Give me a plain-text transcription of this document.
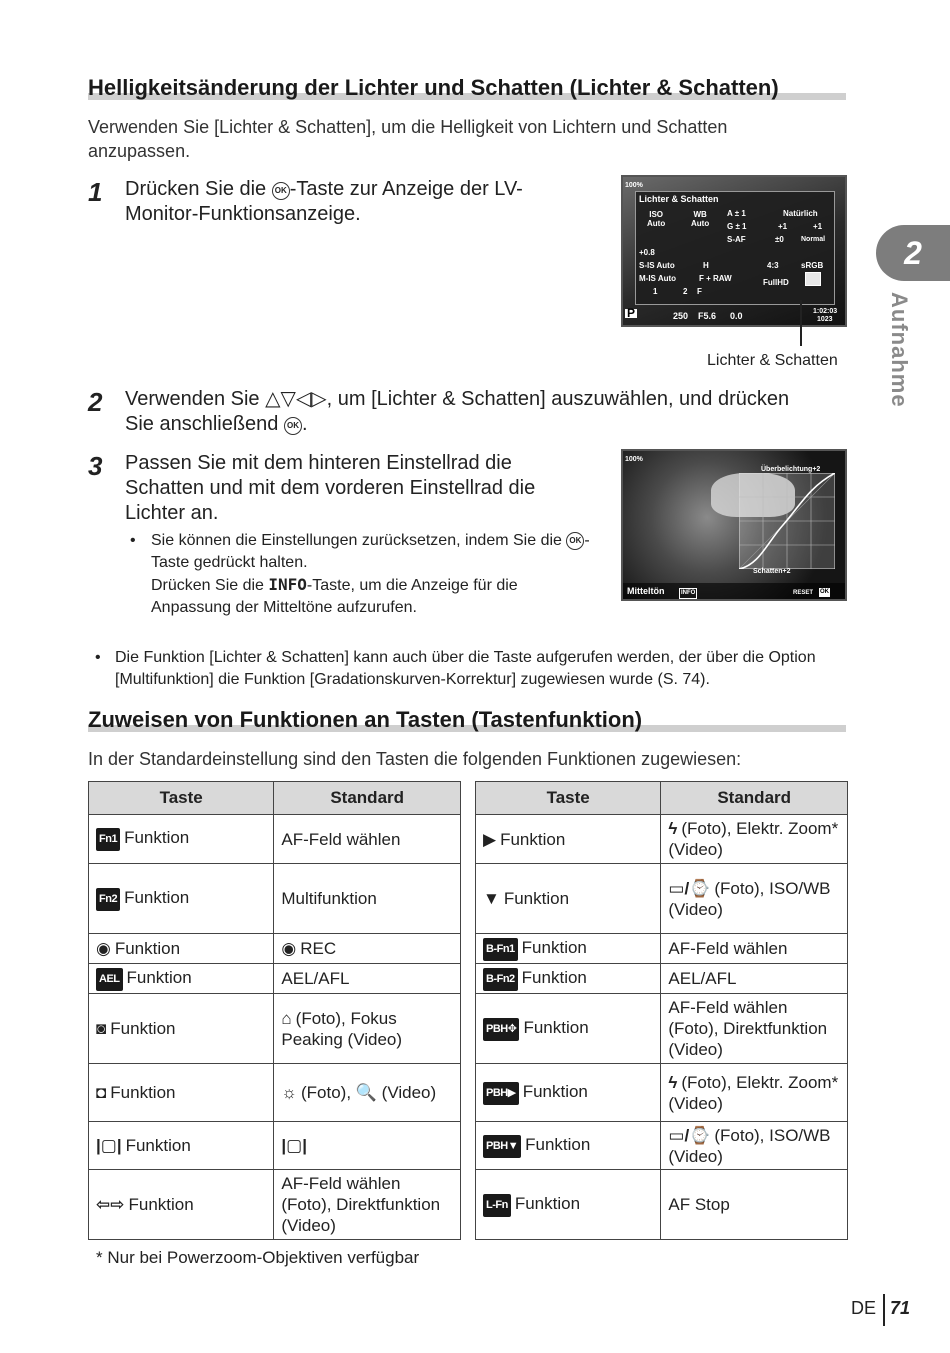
Helligkeitsänderung der Lichter und Schatten (Lichter & Schatten)
Verwenden Sie [Lichter & Schatten], um die Helligkeit von Lichtern und Schatten anzupassen.
1 Drücken Sie die OK -Taste zur Anzeige der LV-Monitor-Funktionsanzeige.
100%
Lichter & Schatten
ISO
Auto
WB
Auto
A ± 1
G ± 1
Natürlich
+1	+1
+0.8
S-AF	±0 Normal
S-IS Auto	H	4:3	sRGB
M-IS Auto	F + RAW	FullHD
1	2 F
P	250 F5.6 0.0	1:02:03
1023
Lichter & Schatten
2 Verwenden Sie △▽◁▷, um [Lichter & Schatten] auszuwählen, und drücken Sie anschließend OK .
3 Passen Sie mit dem hinteren Einstellrad die Schatten und mit dem vorderen Einstellrad die Lichter an.
• Sie können die Einstellungen zurücksetzen, indem Sie die OK -Taste gedrückt halten.
Drücken Sie die INFO-Taste, um die Anzeige für die Anpassung der Mitteltöne aufzurufen.
100%
Überbelichtung+2
Schatten+2
Mitteltön	INFO	RESET OK
• Die Funktion [Lichter & Schatten] kann auch über die Taste aufgerufen werden, der über die Option [Multifunktion] die Funktion [Gradationskurven-Korrektur] zugewiesen wurde (S. 74).
Zuweisen von Funktionen an Tasten (Tastenfunktion)
In der Standardeinstellung sind den Tasten die folgenden Funktionen zugewiesen:
Taste	Standard
Fn1 Funktion	AF-Feld wählen
Fn2 Funktion	Multifunktion
◉ Funktion	◉ REC
AEL Funktion	AEL/AFL
◙ Funktion	⌂ (Foto), Fokus Peaking (Video)
◘ Funktion	☼ (Foto), 🔍 (Video)
|▢| Funktion	|▢|
⇦⇨ Funktion	AF-Feld wählen (Foto), Direktfunktion (Video)
Taste	Standard
▶ Funktion	ϟ (Foto), Elektr. Zoom* (Video)
▼ Funktion	▭/⌚ (Foto), ISO/WB (Video)
B-Fn1 Funktion	AF-Feld wählen
B-Fn2 Funktion	AEL/AFL
PBH✥ Funktion	AF-Feld wählen (Foto), Direktfunktion (Video)
PBH▶ Funktion	ϟ (Foto), Elektr. Zoom* (Video)
PBH▼ Funktion	▭/⌚ (Foto), ISO/WB (Video)
L-Fn Funktion	AF Stop
* Nur bei Powerzoom-Objektiven verfügbar
2
Aufnahme
DE 71
